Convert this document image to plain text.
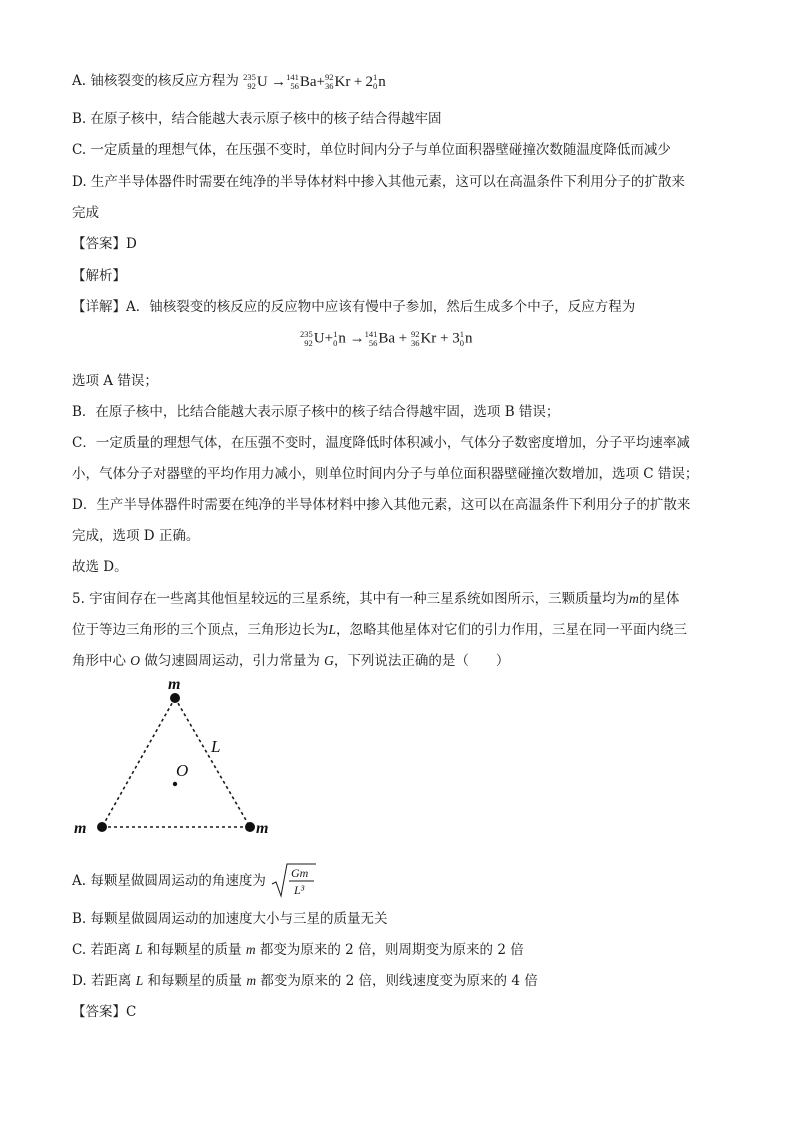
A. 铀核裂变的核反应方程为 235
92 U → 141
56 Ba+ 92
36 Kr + 2 1
0 n
B. 在原子核中，结合能越大表示原子核中的核子结合得越牢固
C. 一定质量的理想气体，在压强不变时，单位时间内分子与单位面积器壁碰撞次数随温度降低而减少
D. 生产半导体器件时需要在纯净的半导体材料中掺入其他元素，这可以在高温条件下利用分子的扩散来
完成
【答案】D
【解析】
【详解】A．铀核裂变的核反应的反应物中应该有慢中子参加，然后生成多个中子，反应方程为
235
92 U+ 1
0 n → 141
56 Ba + 92
36 Kr + 3 1
0 n
选项 A 错误；
B．在原子核中，比结合能越大表示原子核中的核子结合得越牢固，选项 B 错误；
C．一定质量的理想气体，在压强不变时，温度降低时体积减小，气体分子数密度增加，分子平均速率减
小，气体分子对器壁的平均作用力减小，则单位时间内分子与单位面积器壁碰撞次数增加，选项 C 错误；
D．生产半导体器件时需要在纯净的半导体材料中掺入其他元素，这可以在高温条件下利用分子的扩散来
完成，选项 D 正确。
故选 D。
5. 宇宙间存在一些离其他恒星较远的三星系统，其中有一种三星系统如图所示，三颗质量均为m的星体
位于等边三角形的三个顶点，三角形边长为L，忽略其他星体对它们的引力作用，三星在同一平面内绕三
角形中心 O 做匀速圆周运动，引力常量为 G，下列说法正确的是（　　）
m
m	m
L
O
A. 每颗星做圆周运动的角速度为 Gm
L³
B. 每颗星做圆周运动的加速度大小与三星的质量无关
C. 若距离 L 和每颗星的质量 m 都变为原来的 2 倍，则周期变为原来的 2 倍
D. 若距离 L 和每颗星的质量 m 都变为原来的 2 倍，则线速度变为原来的 4 倍
【答案】C
